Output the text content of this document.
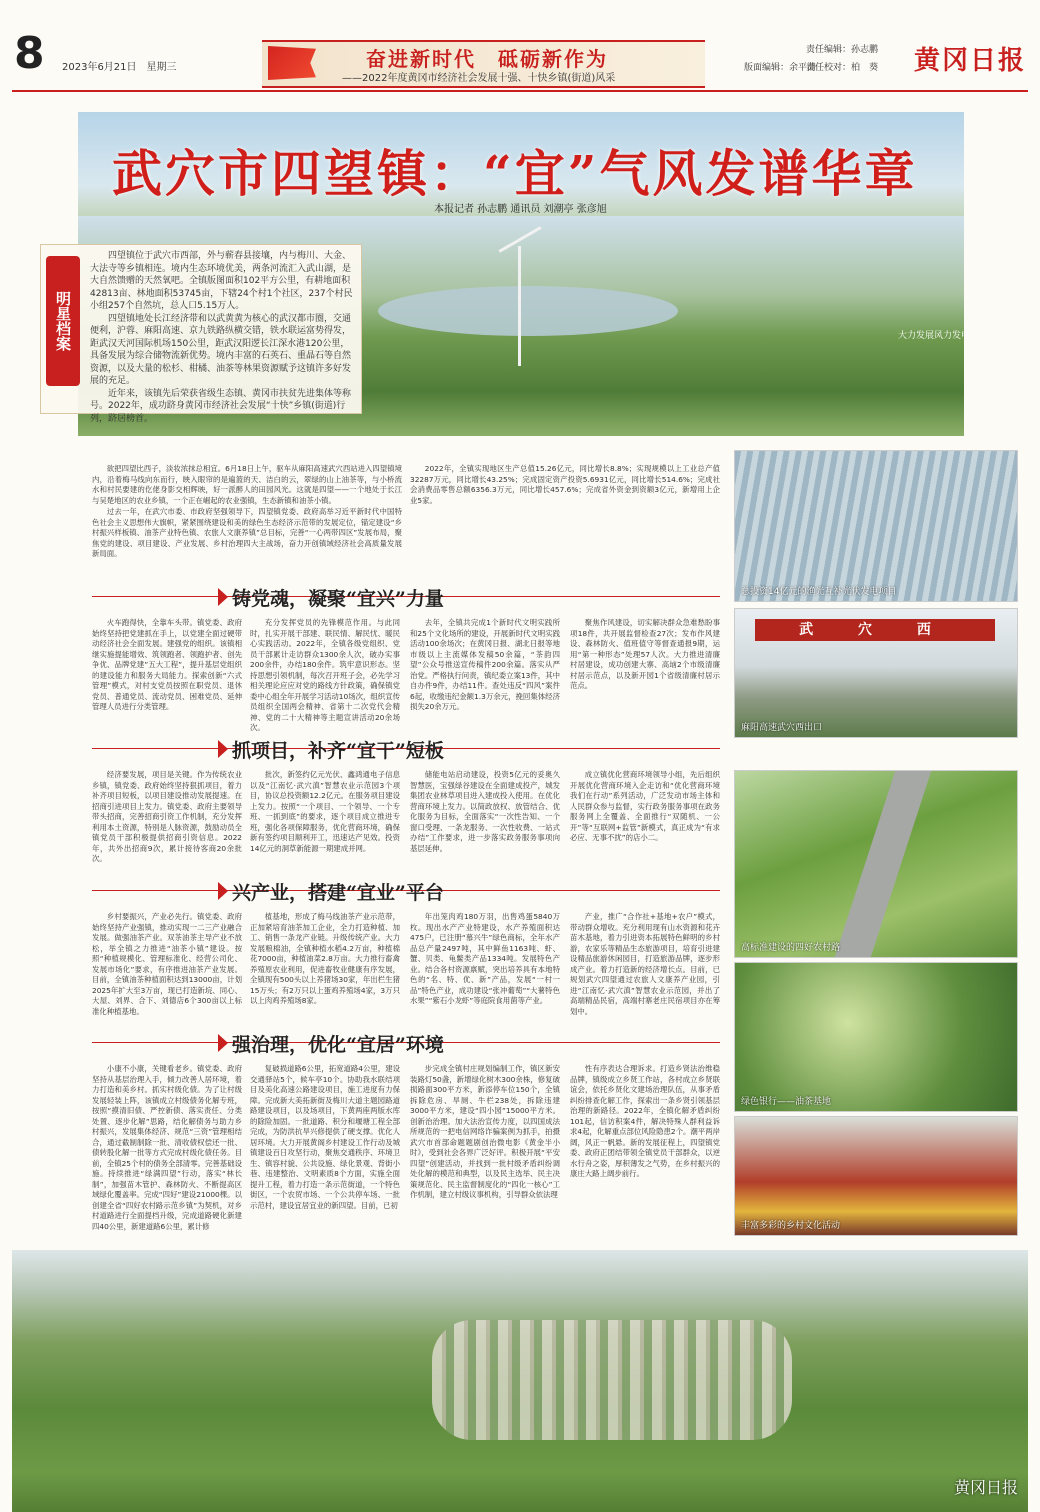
8 2023年6月21日　星期三	奋进新时代　砥砺新作为
——2022年度黄冈市经济社会发展十强、十快乡镇(街道)风采
责任编辑：孙志鹏
版面编辑：余平清
责任校对：柏　葵 黄冈日报
武穴市四望镇：“宜”气风发谱华章
本报记者 孙志鹏 通讯员 刘潮亭 张彦旭
大力发展风力发电
明星档案

四望镇位于武穴市西部，外与蕲春县接壤，内与梅川、大金、大法寺等乡镇相连。境内生态环境优美，两条河流汇入武山湖，是大自然馈赠的天然氧吧。全镇版图面积102平方公里，有耕地面积42813亩、林地面积53745亩，下辖24个村1个社区，237个村民小组257个自然坑，总人口5.15万人。

四望镇地处长江经济带和以武黄黄为核心的武汉都市圈，交通便利，沪蓉、麻阳高速、京九铁路纵横交错，铁水联运富势得发，距武汉天河国际机场150公里，距武汉阳逻长江深水港120公里，具备发展为综合储物流新优势。境内丰富的石英石、重晶石等自然资源，以及大量的松杉、柑橘、油茶等林果资源赋予这镇许多好发展的充足。

近年来，该镇先后荣获省级生态镇、黄冈市扶贫先进集体等称号。2022年，成功跻身黄冈市经济社会发展“十快”乡镇(街道)行列，跻居榜首。

欲把四望比西子，淡妆浓抹总相宜。6月18日上午，驱车从麻阳高速武穴西站进入四望镇境内，沿着梅马线向东而行，映入眼帘的是遍篮的天、洁白的云，翠绿的山上油茶等，与小桥流水和村民要建的仡佬身影交相辉映，好一派醉人的田园风光。这就是四望——一个地处于长江与吴楚地区的农业乡镇，一个正在崛起的农业强镇，生态新镇和油茶小镇。

过去一年，在武穴市委、市政府坚强领导下，四望镇党委、政府高举习近平新时代中国特色社会主义思想伟大旗帜，紧紧围绕建设和美的绿色生态经济示范带的发展定位，锚定建设“乡村振兴样板镇、油茶产业特色镇、农旅人文康养镇”总目标，完善“一心两带四区”发展布局，聚焦党的建设、项目建设、产业发展、乡村治理四大主战场，奋力开创镇域经济社会高质量发展新局面。

2022年，全镇实现地区生产总值15.26亿元，同比增长8.8%；实现规模以上工业总产值32287万元，同比增长43.25%；完成固定资产投资5.6931亿元，同比增长514.6%；完成社会消费品零售总额6356.3万元，同比增长457.6%；完成省外资金到资额3亿元，新增用上企业5家。

铸党魂，凝聚“宜兴”力量

火车跑得快，全靠车头带。镇党委、政府始终坚持把党建抓在手上，以党建全面过硬带动经济社会全面发展。建强党的组织。该镇相继实施提能增效、筑领跑者、领跑护者、创先争优、品牌党建”五大工程”，提升基层党组织的建设能力和服务大局能力。探索创新“六式管理”模式，对村支党员按照在职党员、退休党员、普通党员、流动党员、困难党员、延伸管理人员进行分类管理。

充分发挥党员的先锋模范作用。与此同时，扎实开展干部建、联民情、解民忧、暖民心实践活动。2022年，全镇各级党组织、党员干部累计走访群众1300余人次，破办实事200余件，办结180余件。筑牢意识形态。坚持思想引领机制，每次召开班子会，必先学习相关理论应应对党的路线方针政策，确保镇党委中心组全年开展学习活动10场次，组织宣传员组织全国两会精神、省第十二次党代会精神、党的二十大精神等主题宣讲活动20余场次。

去年，全镇共完成1个新时代文明实践所和25个文化场所的建设，开展新时代文明实践活动100余场次；在黄冈日报、湖北日报等地市级以上主流媒体发稿50余篇，“茶韵四望”公众号推送宣传稿件200余篇。落实从严治党。严格执行问责，镇纪委立案13件，其中自办件9件，办结11件。查处违反“四风”案件6起，收缴违纪金额1.3万余元，挽回集体经济损失20余万元。

聚焦作风建设，切实解决群众急难愁盼事项18件，共开展监督检查27次；发布作风建设、森林防火、值班值守等督查通报9期，运用“第一种形态”处理57人次。大力推进清廉村居建设，成功创建大寨、高垴2个市级清廉村居示范点，以及新开园1个省级清廉村居示范点。

抓项目，补齐“宜干”短板

经济要发展，项目是关键。作为传统农业乡镇，镇党委、政府始终坚持狠抓项目，着力补齐项目短板，以项目建设推动发展提速。在招商引进项目上发力。镇党委、政府主要领导带头招商，完善招商引资工作机制，充分发挥利用本土资源，特别是人脉资源，鼓励动员全镇党员干部积极提供招商引资信息。2022年，共外出招商9次，累计接待客商20余批次。

批次，新签约亿元光伏、鑫鸿通电子信息以及“江南忆·武穴滇”智慧农业示范园3个项目，协议总投资额12.2亿元。在服务项目建设上发力。按照“一个项目、一个领导、一个专班、一抓到底”的要求，逐个项目成立推进专班，强化各项保障服务，优化营商环境，确保新有签约项目顺利开工，迅速达产见效。投资14亿元的洞草新能源一期建成并网。

储能电站启动建设，投资5亿元的妥奥久智慧医，宝强绿谷建设在全面建成投产，城发集团农业林草项目进入建成投入使用。在优化营商环境上发力。以简政放权、放管结合、优化服务为目标，全面落实“一次性告知、一个窗口受理、一条龙服务、一次性收费、一站式办结”工作要求，进一步落实政务服务事项向基层延伸。

成立镇优化营商环境领导小组，先后组织开展优化营商环境入企走访和“优化营商环境我们在行动”系列活动，广泛发动市场主体和人民群众参与监督，实行政务服务事项在政务服务网上全覆盖、全面推行“双随机、一公开”等“互联网+监管”新模式，真正成为“有求必应、无事不扰”的店小二。

兴产业，搭建“宜业”平台

乡村要振兴，产业必先行。镇党委、政府始终坚持产业强镇，推动实现一二三产业融合发展。做强油茶产业。双茶油茶主导产业不放松，举全镇之力推进“油茶小镇”建设。按照“种植规模化、管理标准化、经营公司化、发展市场化”要求，有序推进油茶产业发展。目前，全镇油茶种植面积达到13000亩，计划2025年扩大至3万亩，现已打造新垸、同心、大屋、刘界、合下、刘德店6个300亩以上标准化种植基地。

植基地，形成了梅马线油茶产业示范带，正加紧培育油茶加工企业，全力打造种植、加工、销售一条龙产业链。升级传统产业。大力发展粮棉油，全镇种植水稻4.2万亩，种植棉花7000亩，种植油菜2.8万亩。大力推行畜禽养殖原农业利用，促进畜牧业健康有序发展，全镇现有500头以上养猪场30家，年出栏生猪15万头；有2万只以上蛋鸡养殖场4家，3万只以上肉鸡养殖场8家。

年出笼肉鸡180万羽，出售鸡蛋5840万枚。现出水产产业特建设，水产养殖面积达475户，已注册“慕兴牛”绿色商标，全年水产品总产量2497吨，其中鲜鱼1163吨、虾、蟹、贝类、龟鳖类产品1334吨。发展特色产业。结合各村资源禀赋，突出培养具有本地特色的“名、特、优、新”产品，发展“一村一品”特色产业，成功建设“张冲葡萄”“大薯特色水果”“紫石小龙虾”等庭院食用菌等产业。

产业，推广“合作社+基地+农户”模式，带动群众增收。充分利用现有山水资源和花卉苗木基地，着力引进资本拓展特色鲜明的乡村游，农家乐等精品生态旅游项目，培育引进建设精品旅游休闲园目，打造旅游品牌，逐步形成产业。着力打造新的经济增长点。目前，已规划武穴四望通过农旅人文康养产业园，引进“江南忆·武穴滇”智慧农业示范园，并出了高端精品民宿，高端村寨老庄民宿项目亦在筹划中。

强治理，优化“宜居”环境

小康不小康，关键看老乡。镇党委、政府坚持从基层治理入手，倾力改善人居环境，着力打造和美乡村。抓实村级化债。为了让村级发展轻装上阵，该镇成立村级债务化解专班，按照“摸清旧债、严控新债、落实责任、分类处置、逐步化解”思路，结化解债务与助力乡村振兴，发展集体经济、规范“三资”管理相结合，通过截制制除一批、清收债权偿还一批、债转股化解一批等方式完成村级化债任务。目前，全镇25个村的债务全部清零。完善基础设施。持续推进“绿满四望”行动，落实“林长制”，加强苗木管护、森林防火、不断提高区域绿化覆盖率。完成“四好”建设21000棵。以创建全省“四好农村路示范乡镇”为契机，对乡村道路进行全面提档升级，完成道路硬化新建四40公里，新建道路6公里，累计修

复破损道路6公里，拓宽道路4公里，建设交通驿站5个，候车亭10个。协助我水联结项目及美化高速公路建设项目，施工进度有力保障。完成新大美拓新街及梅川大道主题园路道路建设项目，以及场项目，下黄两座两版水库的除险加固。一批道路、积分和堰塘工程全部完成，为防洪抗旱兴修提供了硬支撑。优化人居环境。大力开展黄阁乡村建设工作行动及城镇建设百日攻坚行动，聚焦交通秩序、环境卫生、镇容村貌、公共设施、绿化景观、背街小巷、违建整治、文明素质8个方面，实施全面提升工程，着力打造一条示范街道，一个特色街区，一个农贸市场、一个公共停车场、一批示范村，建设宜居宜业的新四望。目前，已初

步完成全镇村庄规划编制工作，镇区新安装路灯50盏，新增绿化树木300余株，修复破损路面300平方米，新添停车位150个，全镇拆除危房、旱厕、牛栏238处，拆除违建3000平方米，建设“四小园”15000平方米。创新治治理。加大法治宣传力度，以四国成法所规范的一把电信网络诈骗案例为抓手，拍摄武穴市首部命题题剧创治微电影《黄金半小时》，受到社会各界广泛好评。积极开展“平安四望”创建活动，并找到一批村级矛盾纠纷调处化解的模范和典型，以及民主选举、民主决策规范化、民主监督制度化的“四化一核心”工作机制，建立村级议事机构，引导群众依法理

性有序表达合理诉求。打造乡贤法治维稳品牌，镇级成立乡贤工作站，各村成立乡贤联谊会，依托乡贤化文建场治理队伍，从事矛盾纠纷排查化解工作，探索出一条乡贤引领基层治理的新路径。2022年，全镇化解矛盾纠纷101起，信访积案4件，解决特殊人群利益诉求4起，化解重点部位风险隐患2个。潮平两岸阔，风正一帆悬。新的发展征程上，四望镇党委、政府正团结带领全镇党员干部群众，以逆水行舟之姿，厚积薄发之气势，在乡村振兴的康庄大路上阔步前行。

总投资14亿元的渔光互补光伏发电项目
武 穴 西
麻阳高速武穴西出口
高标准建设的四好农村路
绿色银行——油茶基地
丰富多彩的乡村文化活动
黄冈日报
